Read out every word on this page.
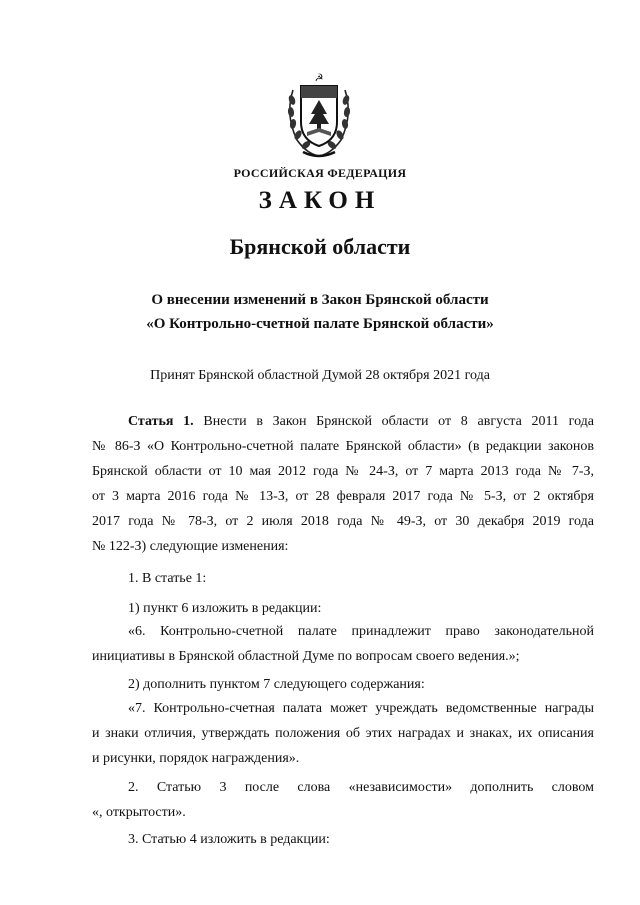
☭
РОССИЙСКАЯ ФЕДЕРАЦИЯ
ЗАКОН
Брянской области
О внесении изменений в Закон Брянской области
«О Контрольно-счетной палате Брянской области»
Принят Брянской областной Думой 28 октября 2021 года
Статья 1. Внести в Закон Брянской области от 8 августа 2011 года
№ 86-З «О Контрольно-счетной палате Брянской области» (в редакции законов
Брянской области от 10 мая 2012 года № 24-З, от 7 марта 2013 года № 7-З,
от 3 марта 2016 года № 13-З, от 28 февраля 2017 года № 5-З, от 2 октября
2017 года № 78-З, от 2 июля 2018 года № 49-З, от 30 декабря 2019 года
№ 122-З) следующие изменения:
1. В статье 1:
1) пункт 6 изложить в редакции:
«6. Контрольно-счетной палате принадлежит право законодательной
инициативы в Брянской областной Думе по вопросам своего ведения.»;
2) дополнить пунктом 7 следующего содержания:
«7. Контрольно-счетная палата может учреждать ведомственные награды
и знаки отличия, утверждать положения об этих наградах и знаках, их описания
и рисунки, порядок награждения».
2. Статью 3 после слова «независимости» дополнить словом
«, открытости».
3. Статью 4 изложить в редакции:
